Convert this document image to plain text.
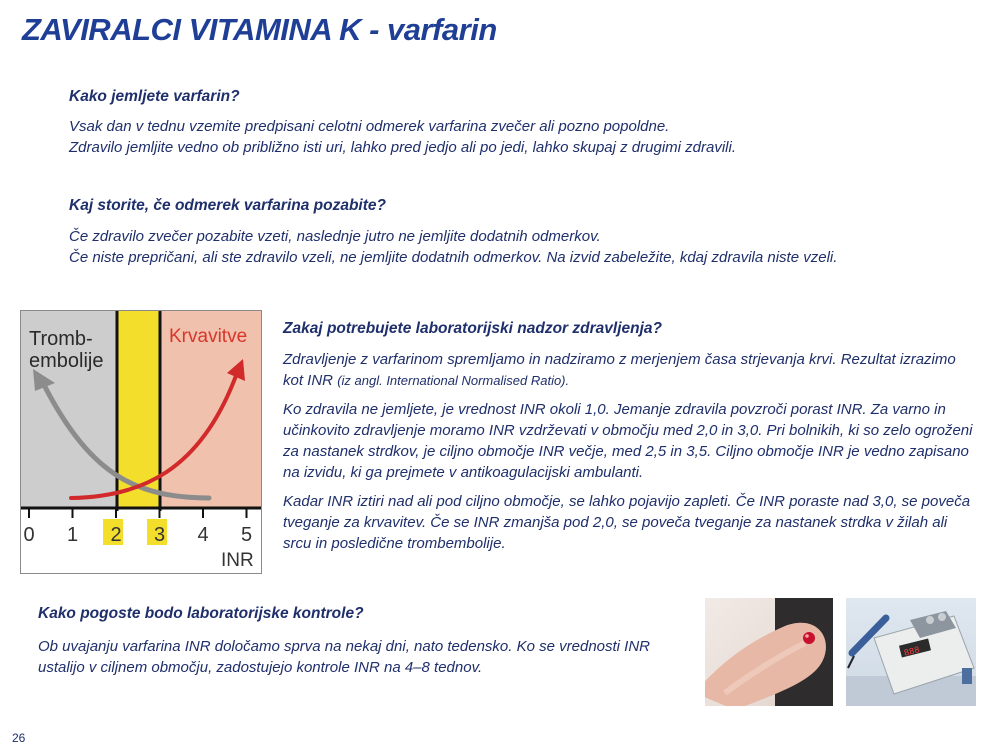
ZAVIRALCI VITAMINA K - varfarin
Kako jemljete varfarin?

Vsak dan v tednu vzemite predpisani celotni odmerek varfarina zvečer ali pozno popoldne.

Zdravilo jemljite vedno ob približno isti uri, lahko pred jedjo ali po jedi, lahko skupaj z drugimi zdravili.

Kaj storite, če odmerek varfarina pozabite?

Če zdravilo zvečer pozabite vzeti, naslednje jutro ne jemljite dodatnih odmerkov.

Če niste prepričani, ali ste zdravilo vzeli, ne jemljite dodatnih odmerkov. Na izvid zabeležite, kdaj zdravila niste vzeli.

Tromb-
embolije
Krvavitve
0 1 2 3 4 5
INR
Zakaj potrebujete laboratorijski nadzor zdravljenja?

Zdravljenje z varfarinom spremljamo in nadziramo z merjenjem časa strjevanja krvi. Rezultat izrazimo kot INR (iz angl. International Normalised Ratio).

Ko zdravila ne jemljete, je vrednost INR okoli 1,0. Jemanje zdravila povzroči porast INR. Za varno in učinkovito zdravljenje moramo INR vzdrževati v območju med 2,0 in 3,0. Pri bolnikih, ki so zelo ogroženi za nastanek strdkov, je ciljno območje INR večje, med 2,5 in 3,5. Ciljno območje INR je vedno zapisano na izvidu, ki ga prejmete v antikoagulacijski ambulanti.

Kadar INR iztiri nad ali pod ciljno območje, se lahko pojavijo zapleti. Če INR poraste nad 3,0, se poveča tveganje za krvavitev. Če se INR zmanjša pod 2,0, se poveča tveganje za nastanek strdka v žilah ali srcu in posledične trombembolije.

Kako pogoste bodo laboratorijske kontrole?

Ob uvajanju varfarina INR določamo sprva na nekaj dni, nato tedensko. Ko se vrednosti INR ustalijo v ciljnem območju, zadostujejo kontrole INR na 4–8 tednov.

888
26
